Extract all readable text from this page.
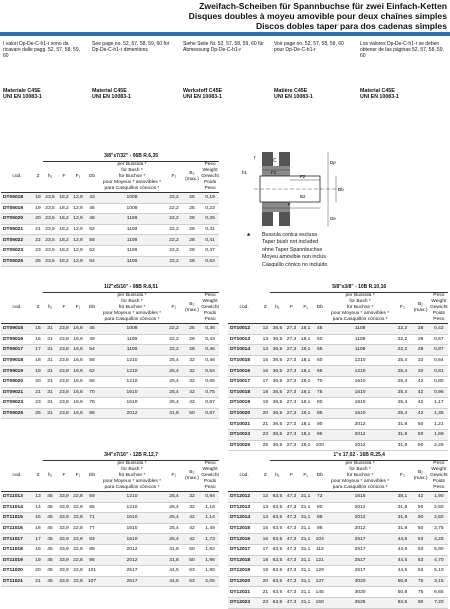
Zweifach-Scheiben für Spannbuchse für zwei Einfach-Ketten
Disques doubles à moyeu amovible pour deux chaînes simples
Discos dobles taper para dos cadenas simples
I valori Dp-De-C-h1-r sono da ricavare dalle pagg. 52, 57, 58, 59, 60
See page no. 52, 57, 58, 59, 60 for Dp-De-C-h1-r dimentions
Siehe Seite Nr. 52, 57, 58, 59, 60 für Abmessung Dp-De-C-h1-r
Voir page no. 52, 57, 58, 59, 60 pour Dp-De-C-h1-r
Los valores Dp-De-C-h1-r se deben obtener de las páginas 52, 57, 58, 59, 60
Materiale C45E
UNI EN 10083-1
Material C45E
UNI EN 10083-1
Werkstoff C45E
UNI EN 10083-1
Matière C45E
UNI EN 10083-1
Material C45E
UNI EN 10083-1
		3/8"x7/32" - 06B R.6,35							
cod.	Z	h₁	F	F₁	Db	per Bussola *
for Bush *
für Buchse *
pour Moyeux * amovibles *
para Casquillos cónicos *	F₂	B₂
(max.)	Peso
Weight
Gewicht
Poids
Peso
DT05018	18	23,5	18,2	12,9	43	1008	22,2	25	0,19
DT05019	19	23,5	18,2	12,9	46	1008	22,2	25	0,23
DT05020	20	23,5	18,2	12,9	48	1108	22,2	28	0,25
DT05021	21	23,5	18,2	12,9	52	1108	22,2	28	0,31
DT05022	22	23,5	18,2	12,9	58	1108	22,2	28	0,41
DT05023	23	23,5	18,2	12,9	62	1108	22,2	28	0,47
DT05025	25	23,5	18,2	12,9	64	1108	22,2	28	0,53
		1/2"x5/16" - 08B R.8,51							
cod.	Z	h₁	F	F₁	Db	per Bussola *
for Bush *
für Buchse *
pour Moyeux * amovibles *
para Casquillos cónicos *	F₂	B₂
(max.)	Peso
Weight
Gewicht
Poids
Peso
DT09015	15	31	23,8	16,6	45	1008	22,2	25	0,36
DT09016	16	31	23,8	16,6	49	1108	22,2	28	0,43
DT09017	17	31	23,8	16,6	54	1108	22,2	28	0,46
DT09018	18	31	23,8	16,6	58	1210	25,4	32	0,48
DT09019	19	31	23,8	16,6	62	1210	25,4	32	0,54
DT09020	20	31	23,8	16,6	66	1210	25,4	32	0,65
DT09021	21	31	23,8	16,6	70	1610	25,4	42	0,75
DT09023	23	31	23,8	16,6	78	1610	25,4	42	0,87
DT09025	25	31	23,8	16,6	86	2012	31,8	50	0,87
		5/8"x3/8" - 10B R.10,16							
cod.	Z	h₁	F	F₁	Db	per Bussola *
for Bush *
für Buchse *
pour Moyeux * amovibles *
para Casquillos cónicos *	F₂	B₂
(max.)	Peso
Weight
Gewicht
Poids
Peso
DT10012	12	36,5	27,3	18,1	45	1108	22,2	28	0,42
DT10013	13	36,5	27,3	18,1	50	1108	22,2	28	0,67
DT10014	14	36,5	27,3	18,1	55	1108	22,2	28	0,87
DT10015	15	36,5	27,3	18,1	60	1210	25,4	32	0,64
DT10016	16	36,5	27,3	18,1	65	1210	25,4	32	0,81
DT10017	17	36,5	27,3	18,1	70	1610	25,4	42	0,80
DT10018	18	36,5	27,3	18,1	75	1610	25,4	42	0,96
DT10019	19	36,5	27,3	18,1	80	1610	25,4	42	1,17
DT10020	20	36,5	27,3	18,1	85	1610	25,4	42	1,36
DT10021	21	36,5	27,3	18,1	90	2012	31,8	50	1,21
DT10023	23	36,5	27,3	18,1	95	2012	31,8	50	1,69
DT10025	25	36,5	27,3	18,1	100	2012	31,8	50	2,29
		3/4"x7/16" - 12B R.12,7							
cod.	Z	h₁	F	F₁	Db	per Bussola *
for Bush *
für Buchse *
pour Moyeux * amovibles *
para Casquillos cónicos *	F₂	B₂
(max.)	Peso
Weight
Gewicht
Poids
Peso
DT11013	13	45	33,9	22,8	59	1210	25,4	32	0,94
DT11014	14	45	33,9	22,8	65	1210	25,4	32	1,16
DT11015	15	45	33,9	22,8	71	1610	25,4	42	1,14
DT11016	16	45	33,9	22,8	77	1610	25,4	42	1,49
DT11017	17	45	33,9	22,8	83	1610	25,4	42	1,73
DT11018	18	45	33,9	22,8	89	2012	31,8	50	1,62
DT11019	19	45	33,9	22,8	95	2012	31,8	50	1,95
DT11020	20	45	33,9	22,8	101	2517	44,5	63	1,90
DT11021	21	45	33,9	22,8	107	2517	44,5	63	2,05
		1"x 17,02 - 16B R.25,4							
cod.	Z	h₁	F	F₁	Db	per Bussola *
for Bush *
für Buchse *
pour Moyeux * amovibles *
para Casquillos cónicos *	F₂	B₂
(max.)	Peso
Weight
Gewicht
Poids
Peso
DT12012	12	63,5	47,3	31,1	72	1615	38,1	42	1,90
DT12013	13	63,5	47,3	31,1	80	2012	31,8	50	2,50
DT12014	14	63,5	47,3	31,1	88	2012	31,8	50	2,50
DT12015	15	63,5	47,3	31,1	96	2012	31,8	50	3,75
DT12016	16	63,5	47,3	31,1	104	2517	44,5	63	4,25
DT12017	17	63,5	47,3	31,1	113	2517	44,5	63	5,90
DT12018	18	63,5	47,3	31,1	121	2517	44,5	63	4,70
DT12019	19	63,5	47,3	31,1	129	2517	44,5	63	5,10
DT12020	20	63,5	47,3	31,1	137	3020	50,8	75	3,15
DT12021	21	63,5	47,3	31,1	145	3020	50,8	75	6,65
DT12023	23	63,5	47,3	31,1	150	3525	63,5	90	7,20
r	C
F1
F2
F
h1
B2
Dp
De
Db
* Bussola conica esclusa
Taper bush not included
ohne Taper Spannbuchse
Moyeu amovible non inclus
Casquillo cónico no incluido
